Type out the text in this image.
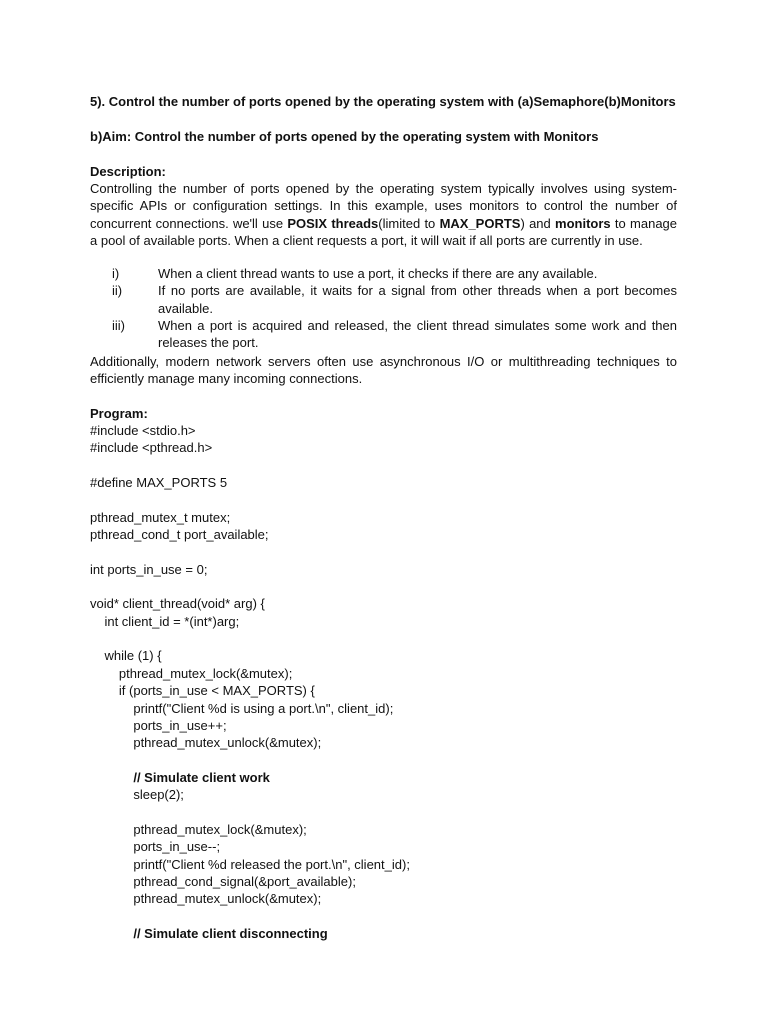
5). Control the number of ports opened by the operating system with (a)Semaphore(b)Monitors
b)Aim: Control the number of ports opened by the operating system with Monitors
Description:

Controlling the number of ports opened by the operating system typically involves using system-specific APIs or configuration settings. In this example, uses monitors to control the number of concurrent connections. we'll use POSIX threads(limited to MAX_PORTS) and monitors to manage a pool of available ports. When a client requests a port, it will wait if all ports are currently in use.

i)	When a client thread wants to use a port, it checks if there are any available.
ii)	If no ports are available, it waits for a signal from other threads when a port becomes available.
iii)	When a port is acquired and released, the client thread simulates some work and then releases the port.
Additionally, modern network servers often use asynchronous I/O or multithreading techniques to efficiently manage many incoming connections.
Program:
#include <stdio.h>
#include <pthread.h>

#define MAX_PORTS 5

pthread_mutex_t mutex;
pthread_cond_t port_available;

int ports_in_use = 0;

void* client_thread(void* arg) {
int client_id = *(int*)arg;

while (1) {
pthread_mutex_lock(&mutex);
if (ports_in_use < MAX_PORTS) {
printf("Client %d is using a port.\n", client_id);
ports_in_use++;
pthread_mutex_unlock(&mutex);

// Simulate client work
sleep(2);

pthread_mutex_lock(&mutex);
ports_in_use--;
printf("Client %d released the port.\n", client_id);
pthread_cond_signal(&port_available);
pthread_mutex_unlock(&mutex);

// Simulate client disconnecting
